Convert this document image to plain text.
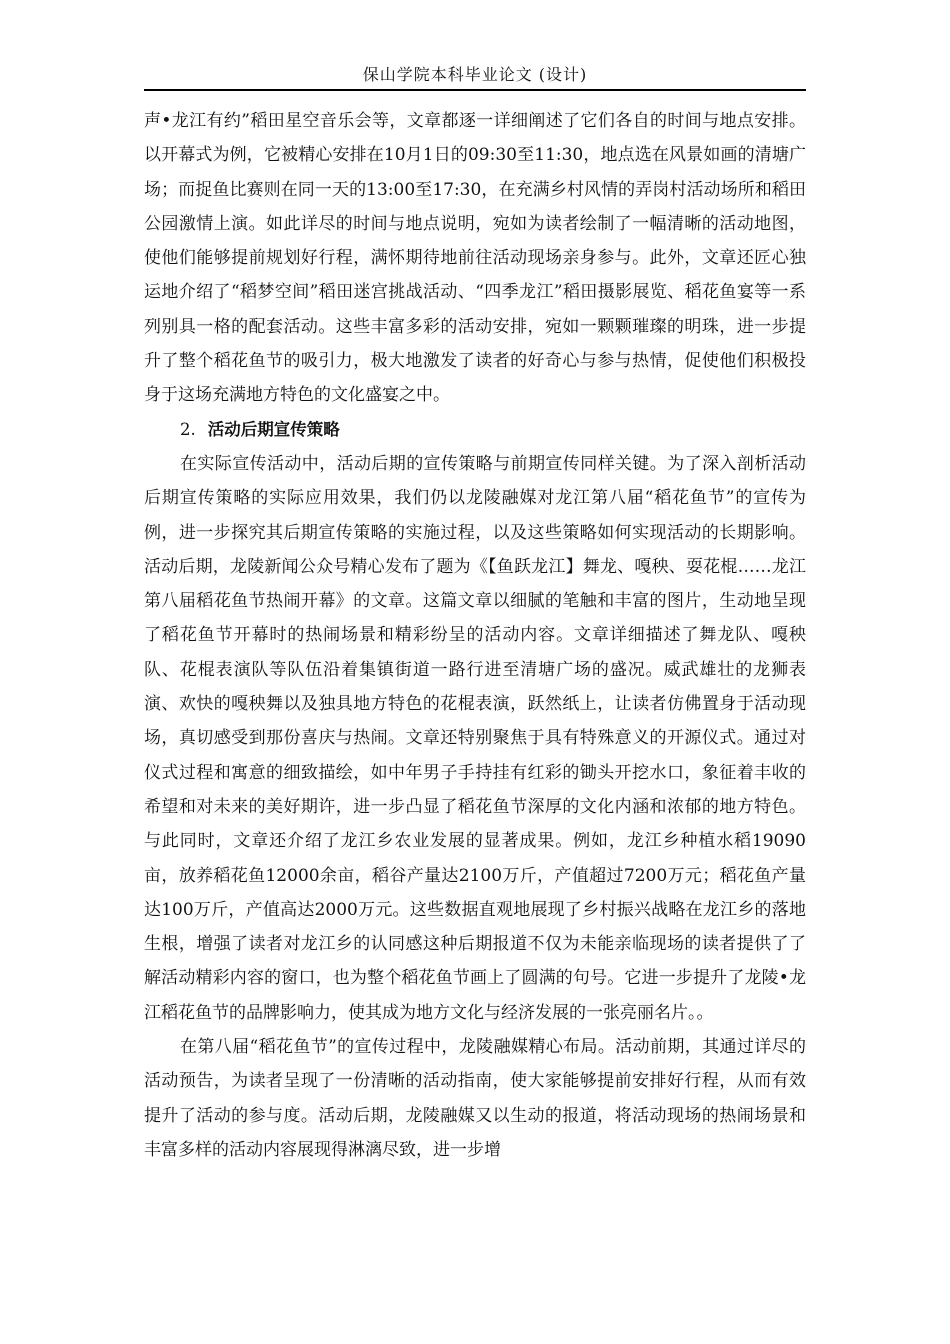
保山学院本科毕业论文 (设计)

声•龙江有约”稻田星空音乐会等，文章都逐一详细阐述了它们各自的时间与地点安排。以开幕式为例，它被精心安排在10月1日的09:30至11:30，地点选在风景如画的清塘广场；而捉鱼比赛则在同一天的13:00至17:30，在充满乡村风情的弄岗村活动场所和稻田公园激情上演。如此详尽的时间与地点说明，宛如为读者绘制了一幅清晰的活动地图，使他们能够提前规划好行程，满怀期待地前往活动现场亲身参与。此外，文章还匠心独运地介绍了“稻梦空间”稻田迷宫挑战活动、“四季龙江”稻田摄影展览、稻花鱼宴等一系列别具一格的配套活动。这些丰富多彩的活动安排，宛如一颗颗璀璨的明珠，进一步提升了整个稻花鱼节的吸引力，极大地激发了读者的好奇心与参与热情，促使他们积极投身于这场充满地方特色的文化盛宴之中。

2. 活动后期宣传策略

在实际宣传活动中，活动后期的宣传策略与前期宣传同样关键。为了深入剖析活动后期宣传策略的实际应用效果，我们仍以龙陵融媒对龙江第八届“稻花鱼节”的宣传为例，进一步探究其后期宣传策略的实施过程，以及这些策略如何实现活动的长期影响。活动后期，龙陵新闻公众号精心发布了题为《【鱼跃龙江】舞龙、嘎秧、耍花棍……龙江第八届稻花鱼节热闹开幕》的文章。这篇文章以细腻的笔触和丰富的图片，生动地呈现了稻花鱼节开幕时的热闹场景和精彩纷呈的活动内容。文章详细描述了舞龙队、嘎秧队、花棍表演队等队伍沿着集镇街道一路行进至清塘广场的盛况。威武雄壮的龙狮表演、欢快的嘎秧舞以及独具地方特色的花棍表演，跃然纸上，让读者仿佛置身于活动现场，真切感受到那份喜庆与热闹。文章还特别聚焦于具有特殊意义的开源仪式。通过对仪式过程和寓意的细致描绘，如中年男子手持挂有红彩的锄头开挖水口，象征着丰收的希望和对未来的美好期许，进一步凸显了稻花鱼节深厚的文化内涵和浓郁的地方特色。与此同时，文章还介绍了龙江乡农业发展的显著成果。例如，龙江乡种植水稻19090亩，放养稻花鱼12000余亩，稻谷产量达2100万斤，产值超过7200万元；稻花鱼产量达100万斤，产值高达2000万元。这些数据直观地展现了乡村振兴战略在龙江乡的落地生根，增强了读者对龙江乡的认同感这种后期报道不仅为未能亲临现场的读者提供了了解活动精彩内容的窗口，也为整个稻花鱼节画上了圆满的句号。它进一步提升了龙陵•龙江稻花鱼节的品牌影响力，使其成为地方文化与经济发展的一张亮丽名片。。

在第八届“稻花鱼节”的宣传过程中，龙陵融媒精心布局。活动前期，其通过详尽的活动预告，为读者呈现了一份清晰的活动指南，使大家能够提前安排好行程，从而有效提升了活动的参与度。活动后期，龙陵融媒又以生动的报道，将活动现场的热闹场景和丰富多样的活动内容展现得淋漓尽致，进一步增
